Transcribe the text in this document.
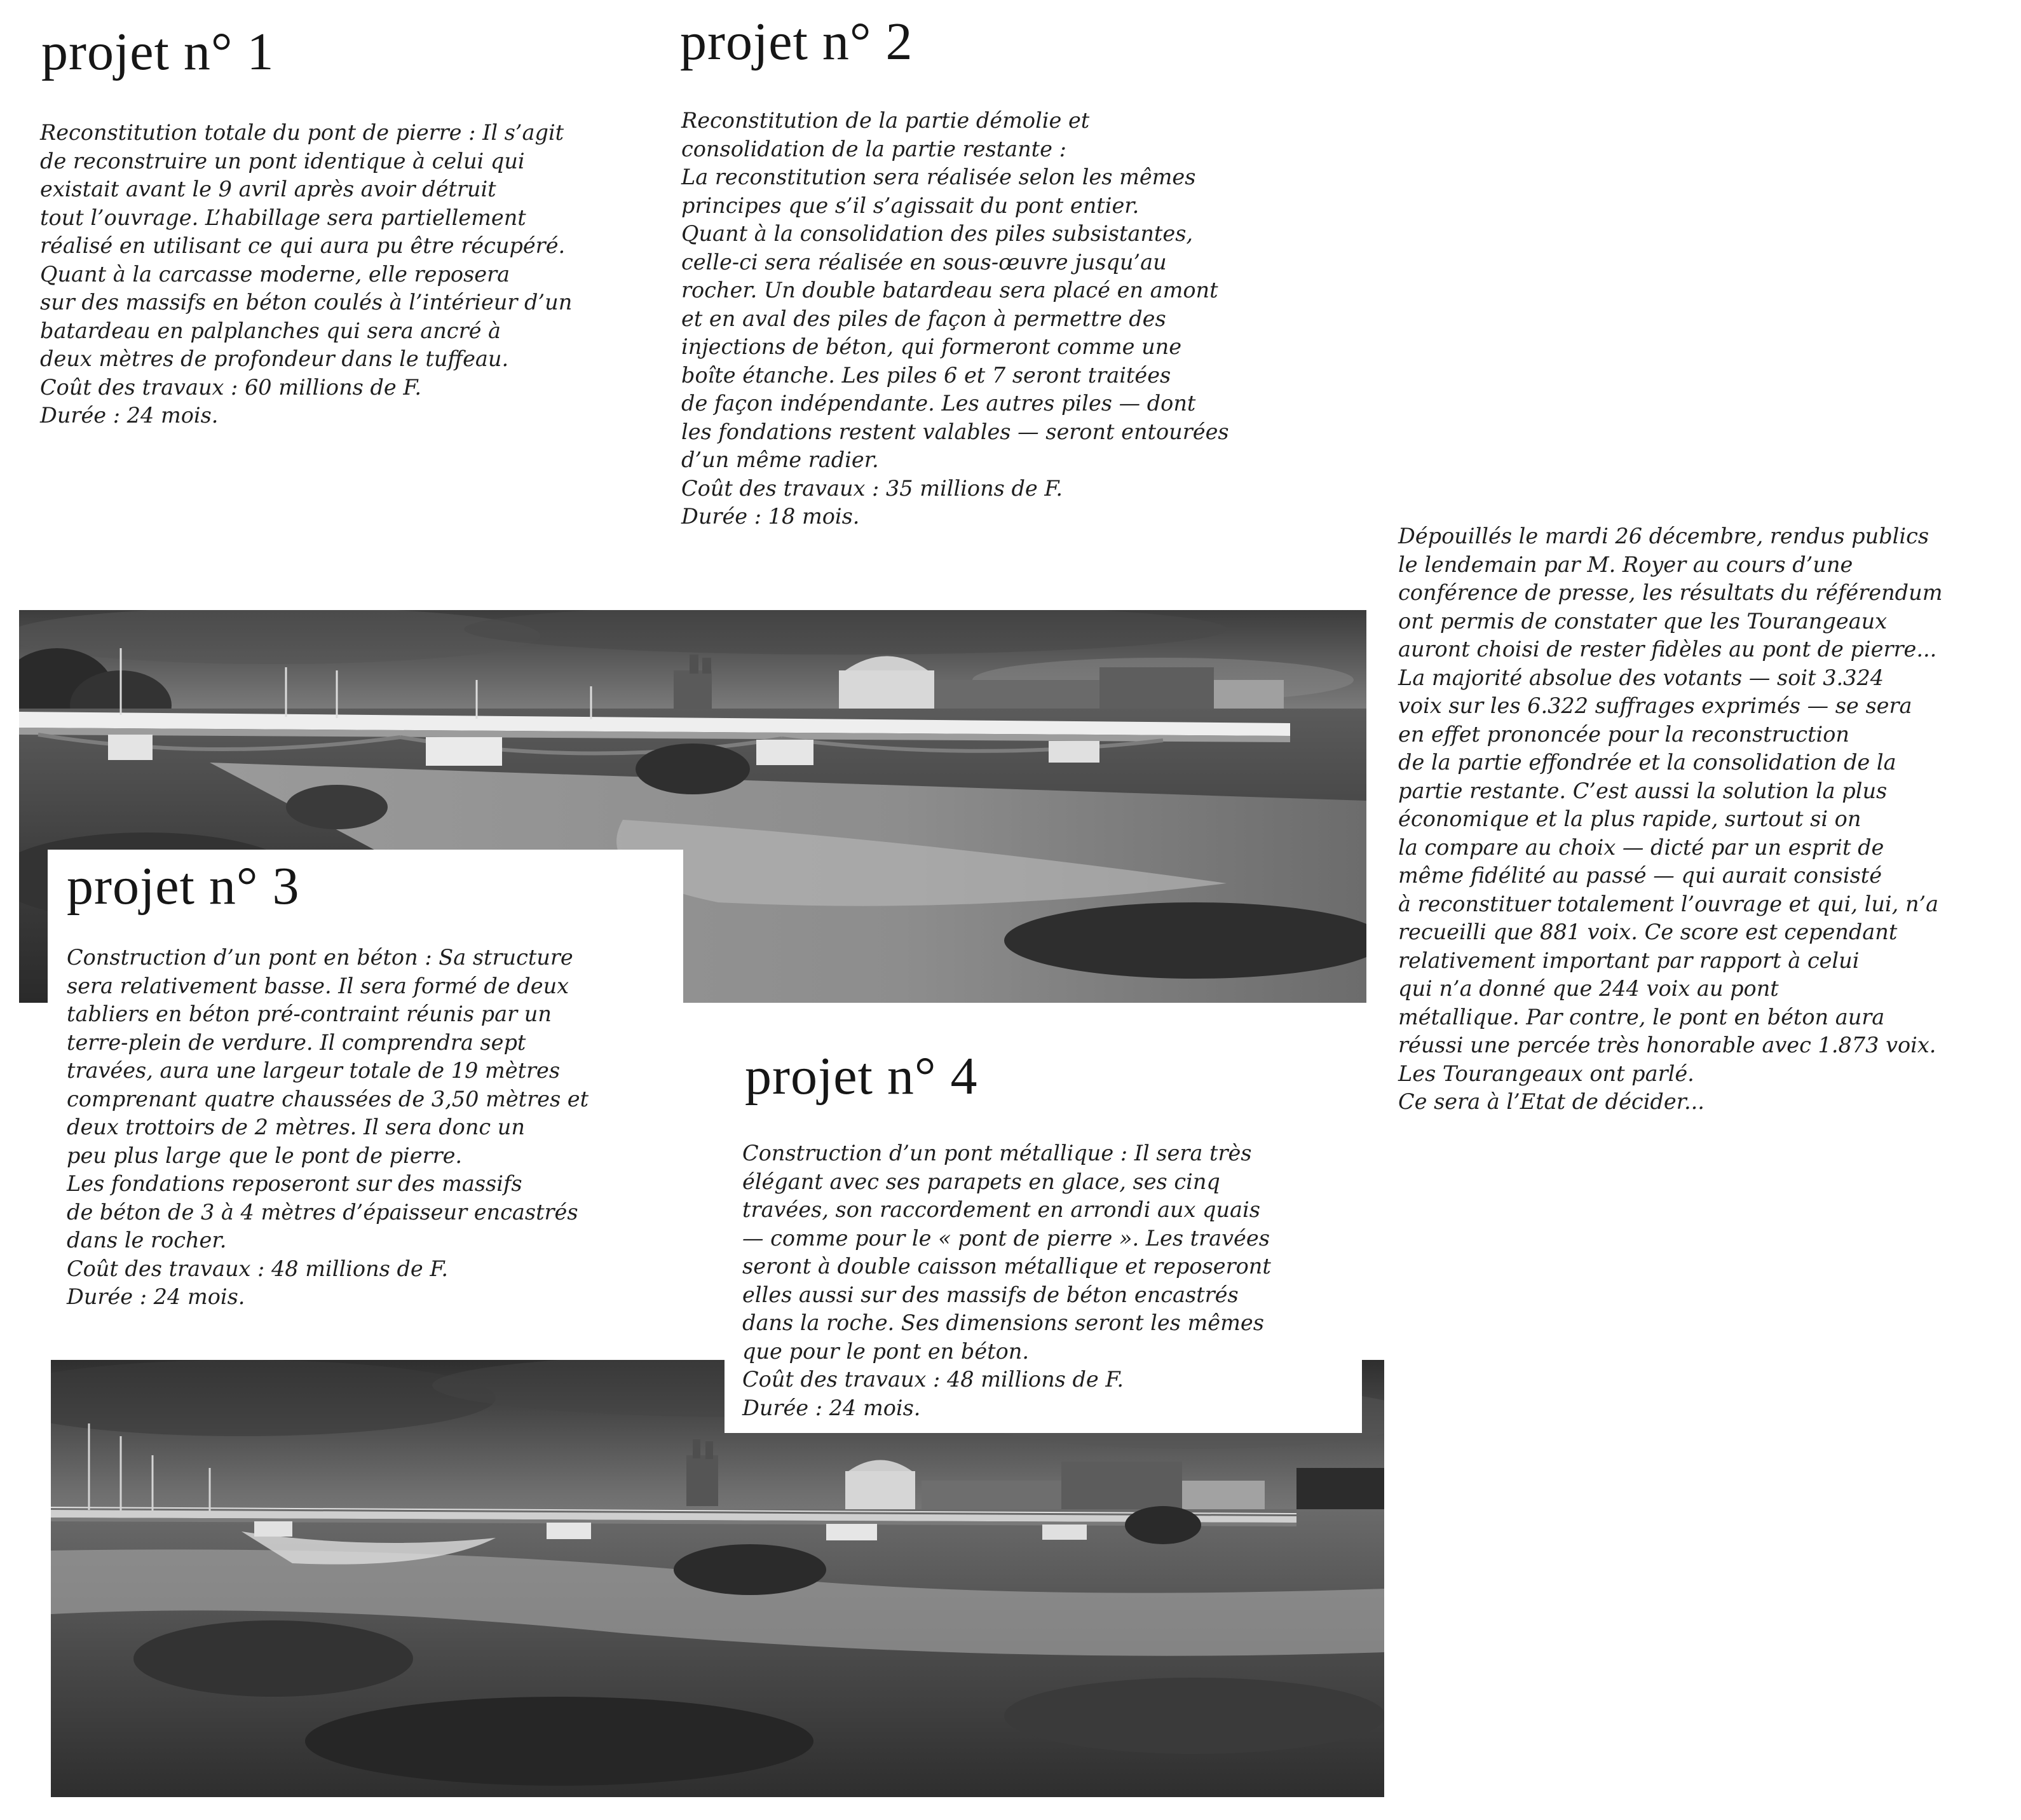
projet n° 1

Reconstitution totale du pont de pierre : Il s’agit
de reconstruire un pont identique à celui qui
existait avant le 9 avril après avoir détruit
tout l’ouvrage. L’habillage sera partiellement
réalisé en utilisant ce qui aura pu être récupéré.
Quant à la carcasse moderne, elle reposera
sur des massifs en béton coulés à l’intérieur d’un
batardeau en palplanches qui sera ancré à
deux mètres de profondeur dans le tuffeau.
Coût des travaux : 60 millions de F.
Durée : 24 mois.

projet n° 2

Reconstitution de la partie démolie et
consolidation de la partie restante :
La reconstitution sera réalisée selon les mêmes
principes que s’il s’agissait du pont entier.
Quant à la consolidation des piles subsistantes,
celle-ci sera réalisée en sous-œuvre jusqu’au
rocher. Un double batardeau sera placé en amont
et en aval des piles de façon à permettre des
injections de béton, qui formeront comme une
boîte étanche. Les piles 6 et 7 seront traitées
de façon indépendante. Les autres piles — dont
les fondations restent valables — seront entourées
d’un même radier.
Coût des travaux : 35 millions de F.
Durée : 18 mois.

projet n° 3

Construction d’un pont en béton : Sa structure
sera relativement basse. Il sera formé de deux
tabliers en béton pré-contraint réunis par un
terre-plein de verdure. Il comprendra sept
travées, aura une largeur totale de 19 mètres
comprenant quatre chaussées de 3,50 mètres et
deux trottoirs de 2 mètres. Il sera donc un
peu plus large que le pont de pierre.
Les fondations reposeront sur des massifs
de béton de 3 à 4 mètres d’épaisseur encastrés
dans le rocher.
Coût des travaux : 48 millions de F.
Durée : 24 mois.

projet n° 4

Construction d’un pont métallique : Il sera très
élégant avec ses parapets en glace, ses cinq
travées, son raccordement en arrondi aux quais
— comme pour le « pont de pierre ». Les travées
seront à double caisson métallique et reposeront
elles aussi sur des massifs de béton encastrés
dans la roche. Ses dimensions seront les mêmes
que pour le pont en béton.
Coût des travaux : 48 millions de F.
Durée : 24 mois.

Dépouillés le mardi 26 décembre, rendus publics
le lendemain par M. Royer au cours d’une
conférence de presse, les résultats du référendum
ont permis de constater que les Tourangeaux
auront choisi de rester fidèles au pont de pierre...
La majorité absolue des votants — soit 3.324
voix sur les 6.322 suffrages exprimés — se sera
en effet prononcée pour la reconstruction
de la partie effondrée et la consolidation de la
partie restante. C’est aussi la solution la plus
économique et la plus rapide, surtout si on
la compare au choix — dicté par un esprit de
même fidélité au passé — qui aurait consisté
à reconstituer totalement l’ouvrage et qui, lui, n’a
recueilli que 881 voix. Ce score est cependant
relativement important par rapport à celui
qui n’a donné que 244 voix au pont
métallique. Par contre, le pont en béton aura
réussi une percée très honorable avec 1.873 voix.
Les Tourangeaux ont parlé.
Ce sera à l’Etat de décider...
